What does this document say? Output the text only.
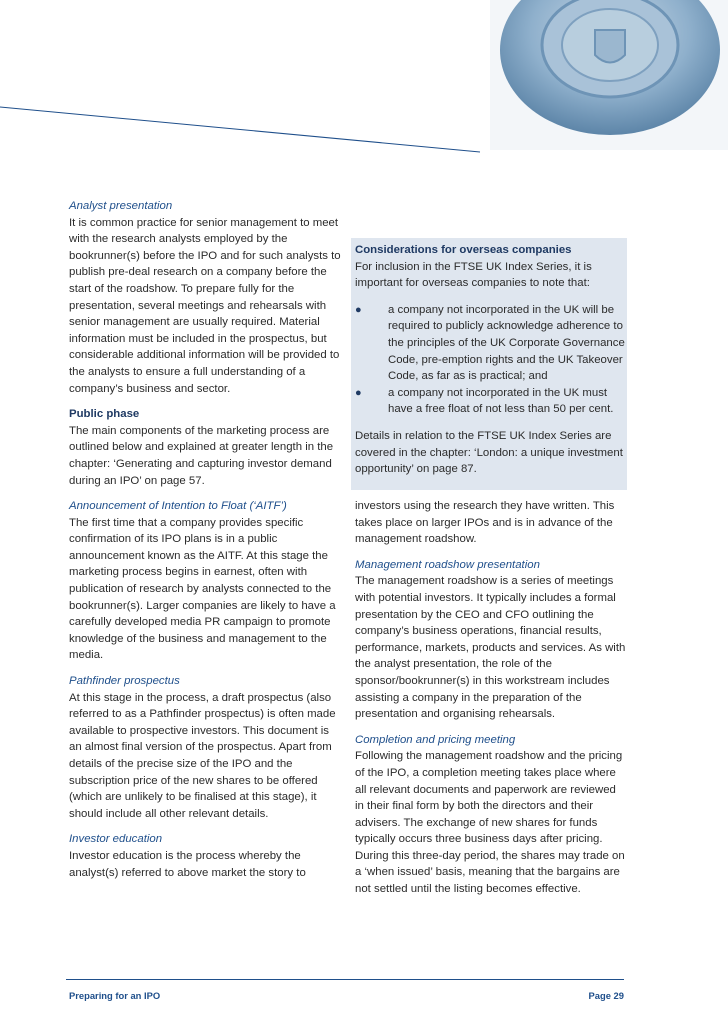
Analyst presentation

It is common practice for senior management to meet with the research analysts employed by the bookrunner(s) before the IPO and for such analysts to publish pre-deal research on a company before the start of the roadshow. To prepare fully for the presentation, several meetings and rehearsals with senior management are usually required. Material information must be included in the prospectus, but considerable additional information will be provided to the analysts to ensure a full understanding of a company’s business and sector.

Public phase

The main components of the marketing process are outlined below and explained at greater length in the chapter: ‘Generating and capturing investor demand during an IPO’ on page 57.

Announcement of Intention to Float (‘AITF’)

The first time that a company provides specific confirmation of its IPO plans is in a public announcement known as the AITF. At this stage the marketing process begins in earnest, often with publication of research by analysts connected to the bookrunner(s). Larger companies are likely to have a carefully developed media PR campaign to promote knowledge of the business and management to the media.

Pathfinder prospectus

At this stage in the process, a draft prospectus (also referred to as a Pathfinder prospectus) is often made available to prospective investors. This document is an almost final version of the prospectus. Apart from details of the precise size of the IPO and the subscription price of the new shares to be offered (which are unlikely to be finalised at this stage), it should include all other relevant details.

Investor education

Investor education is the process whereby the analyst(s) referred to above market the story to

Considerations for overseas companies

For inclusion in the FTSE UK Index Series, it is important for overseas companies to note that:

● a company not incorporated in the UK will be required to publicly acknowledge adherence to the principles of the UK Corporate Governance Code, pre-emption rights and the UK Takeover Code, as far as is practical; and
● a company not incorporated in the UK must have a free float of not less than 50 per cent.

Details in relation to the FTSE UK Index Series are covered in the chapter: ‘London: a unique investment opportunity’ on page 87.

investors using the research they have written. This takes place on larger IPOs and is in advance of the management roadshow.

Management roadshow presentation

The management roadshow is a series of meetings with potential investors. It typically includes a formal presentation by the CEO and CFO outlining the company’s business operations, financial results, performance, markets, products and services. As with the analyst presentation, the role of the sponsor/bookrunner(s) in this workstream includes assisting a company in the preparation of the presentation and organising rehearsals.

Completion and pricing meeting

Following the management roadshow and the pricing of the IPO, a completion meeting takes place where all relevant documents and paperwork are reviewed in their final form by both the directors and their advisers. The exchange of new shares for funds typically occurs three business days after pricing. During this three-day period, the shares may trade on a ‘when issued’ basis, meaning that the bargains are not settled until the listing becomes effective.

Preparing for an IPO	Page 29
